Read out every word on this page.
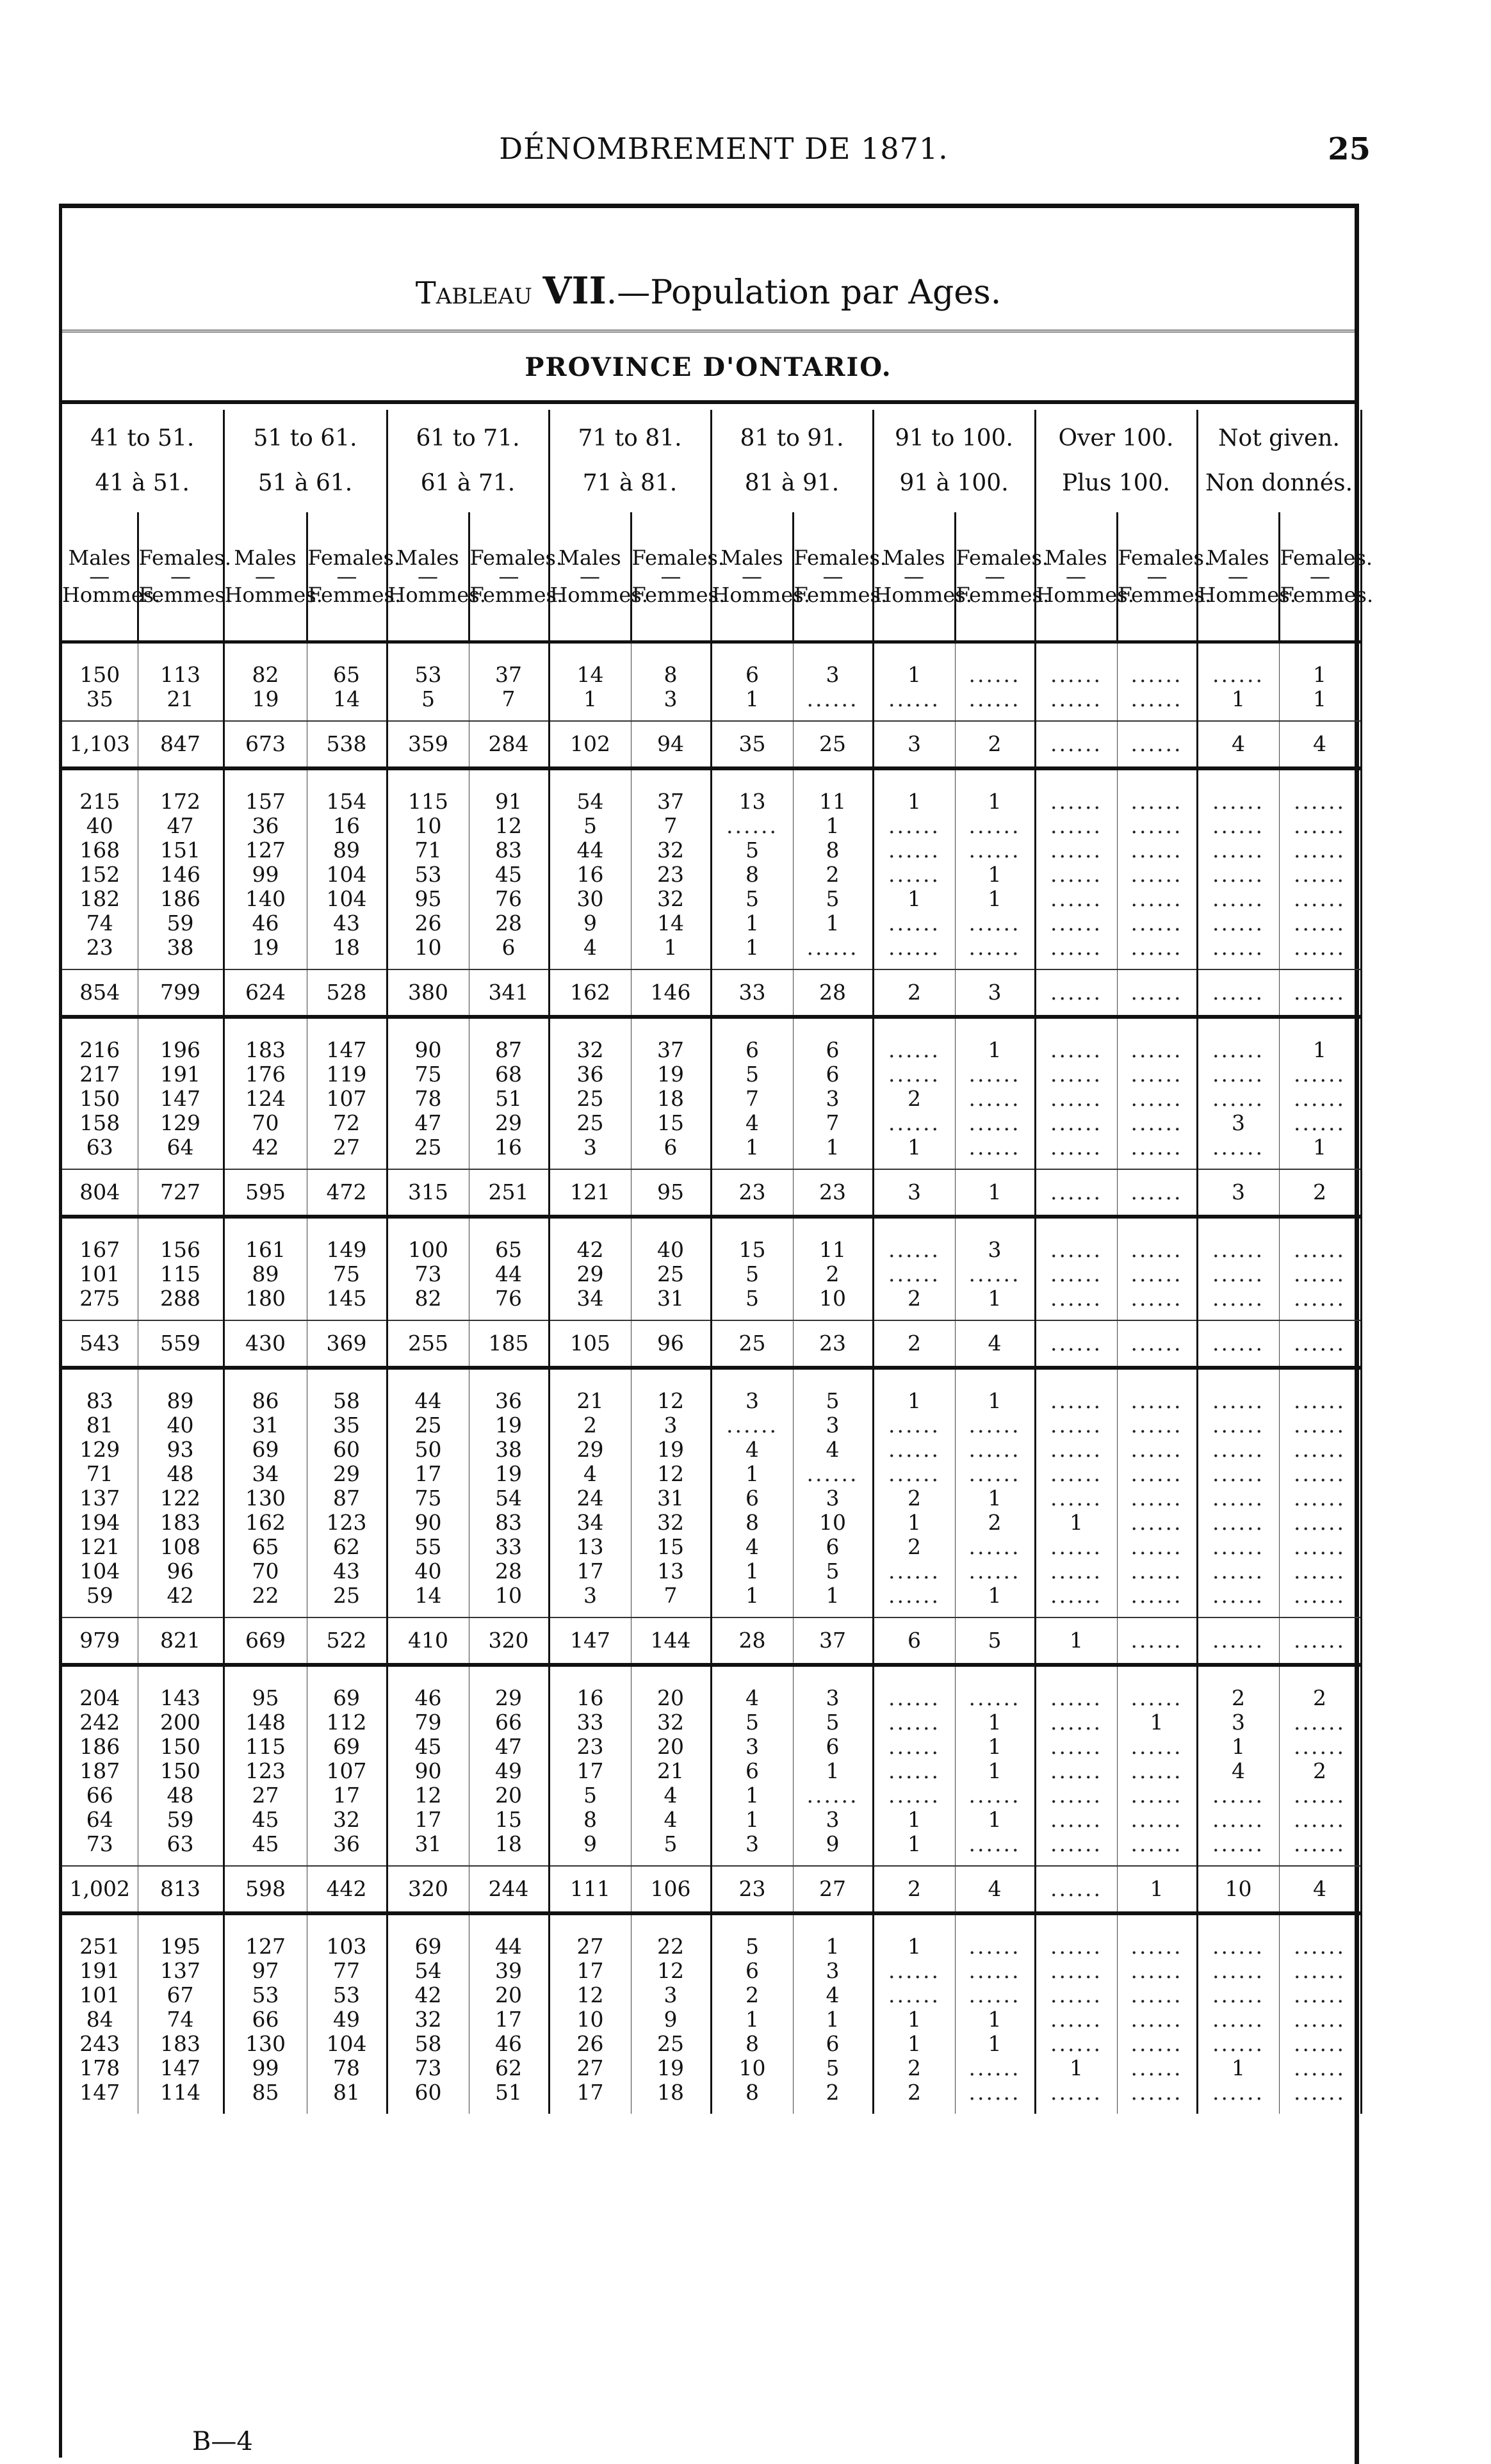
DÉNOMBREMENT DE 1871.	25
Tableau VII.—Population par Ages.
PROVINCE D'ONTARIO.
41 to 51.
41 à 51.		51 to 61.
51 à 61.		61 to 71.
61 à 71.		71 to 81.
71 à 81.		81 to 91.
81 à 91.		91 to 100.
91 à 100.		Over 100.
Plus 100.		Not given.
Non donnés.	

Males
—
Hommes.	Females.
—
Femmes.	Males
—
Hommes.	Females.
—
Femmes.	Males
—
Hommes.	Females.
—
Femmes.	Males
—
Hommes.	Females.
—
Femmes.	Males
—
Hommes.	Females.
—
Femmes.	Males
—
Hommes.	Females.
—
Femmes.	Males
—
Hommes.	Females.
—
Femmes.	Males
—
Hommes.	Females.
—
Femmes.

150	113	82	65	53	37	14	8	6	3	1	......	......	......	......	1
35	21	19	14	5	7	1	3	1	......	......	......	......	......	1	1
1,103	847	673	538	359	284	102	94	35	25	3	2	......	......	4	4
215	172	157	154	115	91	54	37	13	11	1	1	......	......	......	......
40	47	36	16	10	12	5	7	......	1	......	......	......	......	......	......
168	151	127	89	71	83	44	32	5	8	......	......	......	......	......	......
152	146	99	104	53	45	16	23	8	2	......	1	......	......	......	......
182	186	140	104	95	76	30	32	5	5	1	1	......	......	......	......
74	59	46	43	26	28	9	14	1	1	......	......	......	......	......	......
23	38	19	18	10	6	4	1	1	......	......	......	......	......	......	......
854	799	624	528	380	341	162	146	33	28	2	3	......	......	......	......
216	196	183	147	90	87	32	37	6	6	......	1	......	......	......	1
217	191	176	119	75	68	36	19	5	6	......	......	......	......	......	......
150	147	124	107	78	51	25	18	7	3	2	......	......	......	......	......
158	129	70	72	47	29	25	15	4	7	......	......	......	......	3	......
63	64	42	27	25	16	3	6	1	1	1	......	......	......	......	1
804	727	595	472	315	251	121	95	23	23	3	1	......	......	3	2
167	156	161	149	100	65	42	40	15	11	......	3	......	......	......	......
101	115	89	75	73	44	29	25	5	2	......	......	......	......	......	......
275	288	180	145	82	76	34	31	5	10	2	1	......	......	......	......
543	559	430	369	255	185	105	96	25	23	2	4	......	......	......	......
83	89	86	58	44	36	21	12	3	5	1	1	......	......	......	......
81	40	31	35	25	19	2	3	......	3	......	......	......	......	......	......
129	93	69	60	50	38	29	19	4	4	......	......	......	......	......	......
71	48	34	29	17	19	4	12	1	......	......	......	......	......	......	......
137	122	130	87	75	54	24	31	6	3	2	1	......	......	......	......
194	183	162	123	90	83	34	32	8	10	1	2	1	......	......	......
121	108	65	62	55	33	13	15	4	6	2	......	......	......	......	......
104	96	70	43	40	28	17	13	1	5	......	......	......	......	......	......
59	42	22	25	14	10	3	7	1	1	......	1	......	......	......	......
979	821	669	522	410	320	147	144	28	37	6	5	1	......	......	......
204	143	95	69	46	29	16	20	4	3	......	......	......	......	2	2
242	200	148	112	79	66	33	32	5	5	......	1	......	1	3	......
186	150	115	69	45	47	23	20	3	6	......	1	......	......	1	......
187	150	123	107	90	49	17	21	6	1	......	1	......	......	4	2
66	48	27	17	12	20	5	4	1	......	......	......	......	......	......	......
64	59	45	32	17	15	8	4	1	3	1	1	......	......	......	......
73	63	45	36	31	18	9	5	3	9	1	......	......	......	......	......
1,002	813	598	442	320	244	111	106	23	27	2	4	......	1	10	4
251	195	127	103	69	44	27	22	5	1	1	......	......	......	......	......
191	137	97	77	54	39	17	12	6	3	......	......	......	......	......	......
101	67	53	53	42	20	12	3	2	4	......	......	......	......	......	......
84	74	66	49	32	17	10	9	1	1	1	1	......	......	......	......
243	183	130	104	58	46	26	25	8	6	1	1	......	......	......	......
178	147	99	78	73	62	27	19	10	5	2	......	1	......	1	......
147	114	85	81	60	51	17	18	8	2	2	......	......	......	......	......
B—4
